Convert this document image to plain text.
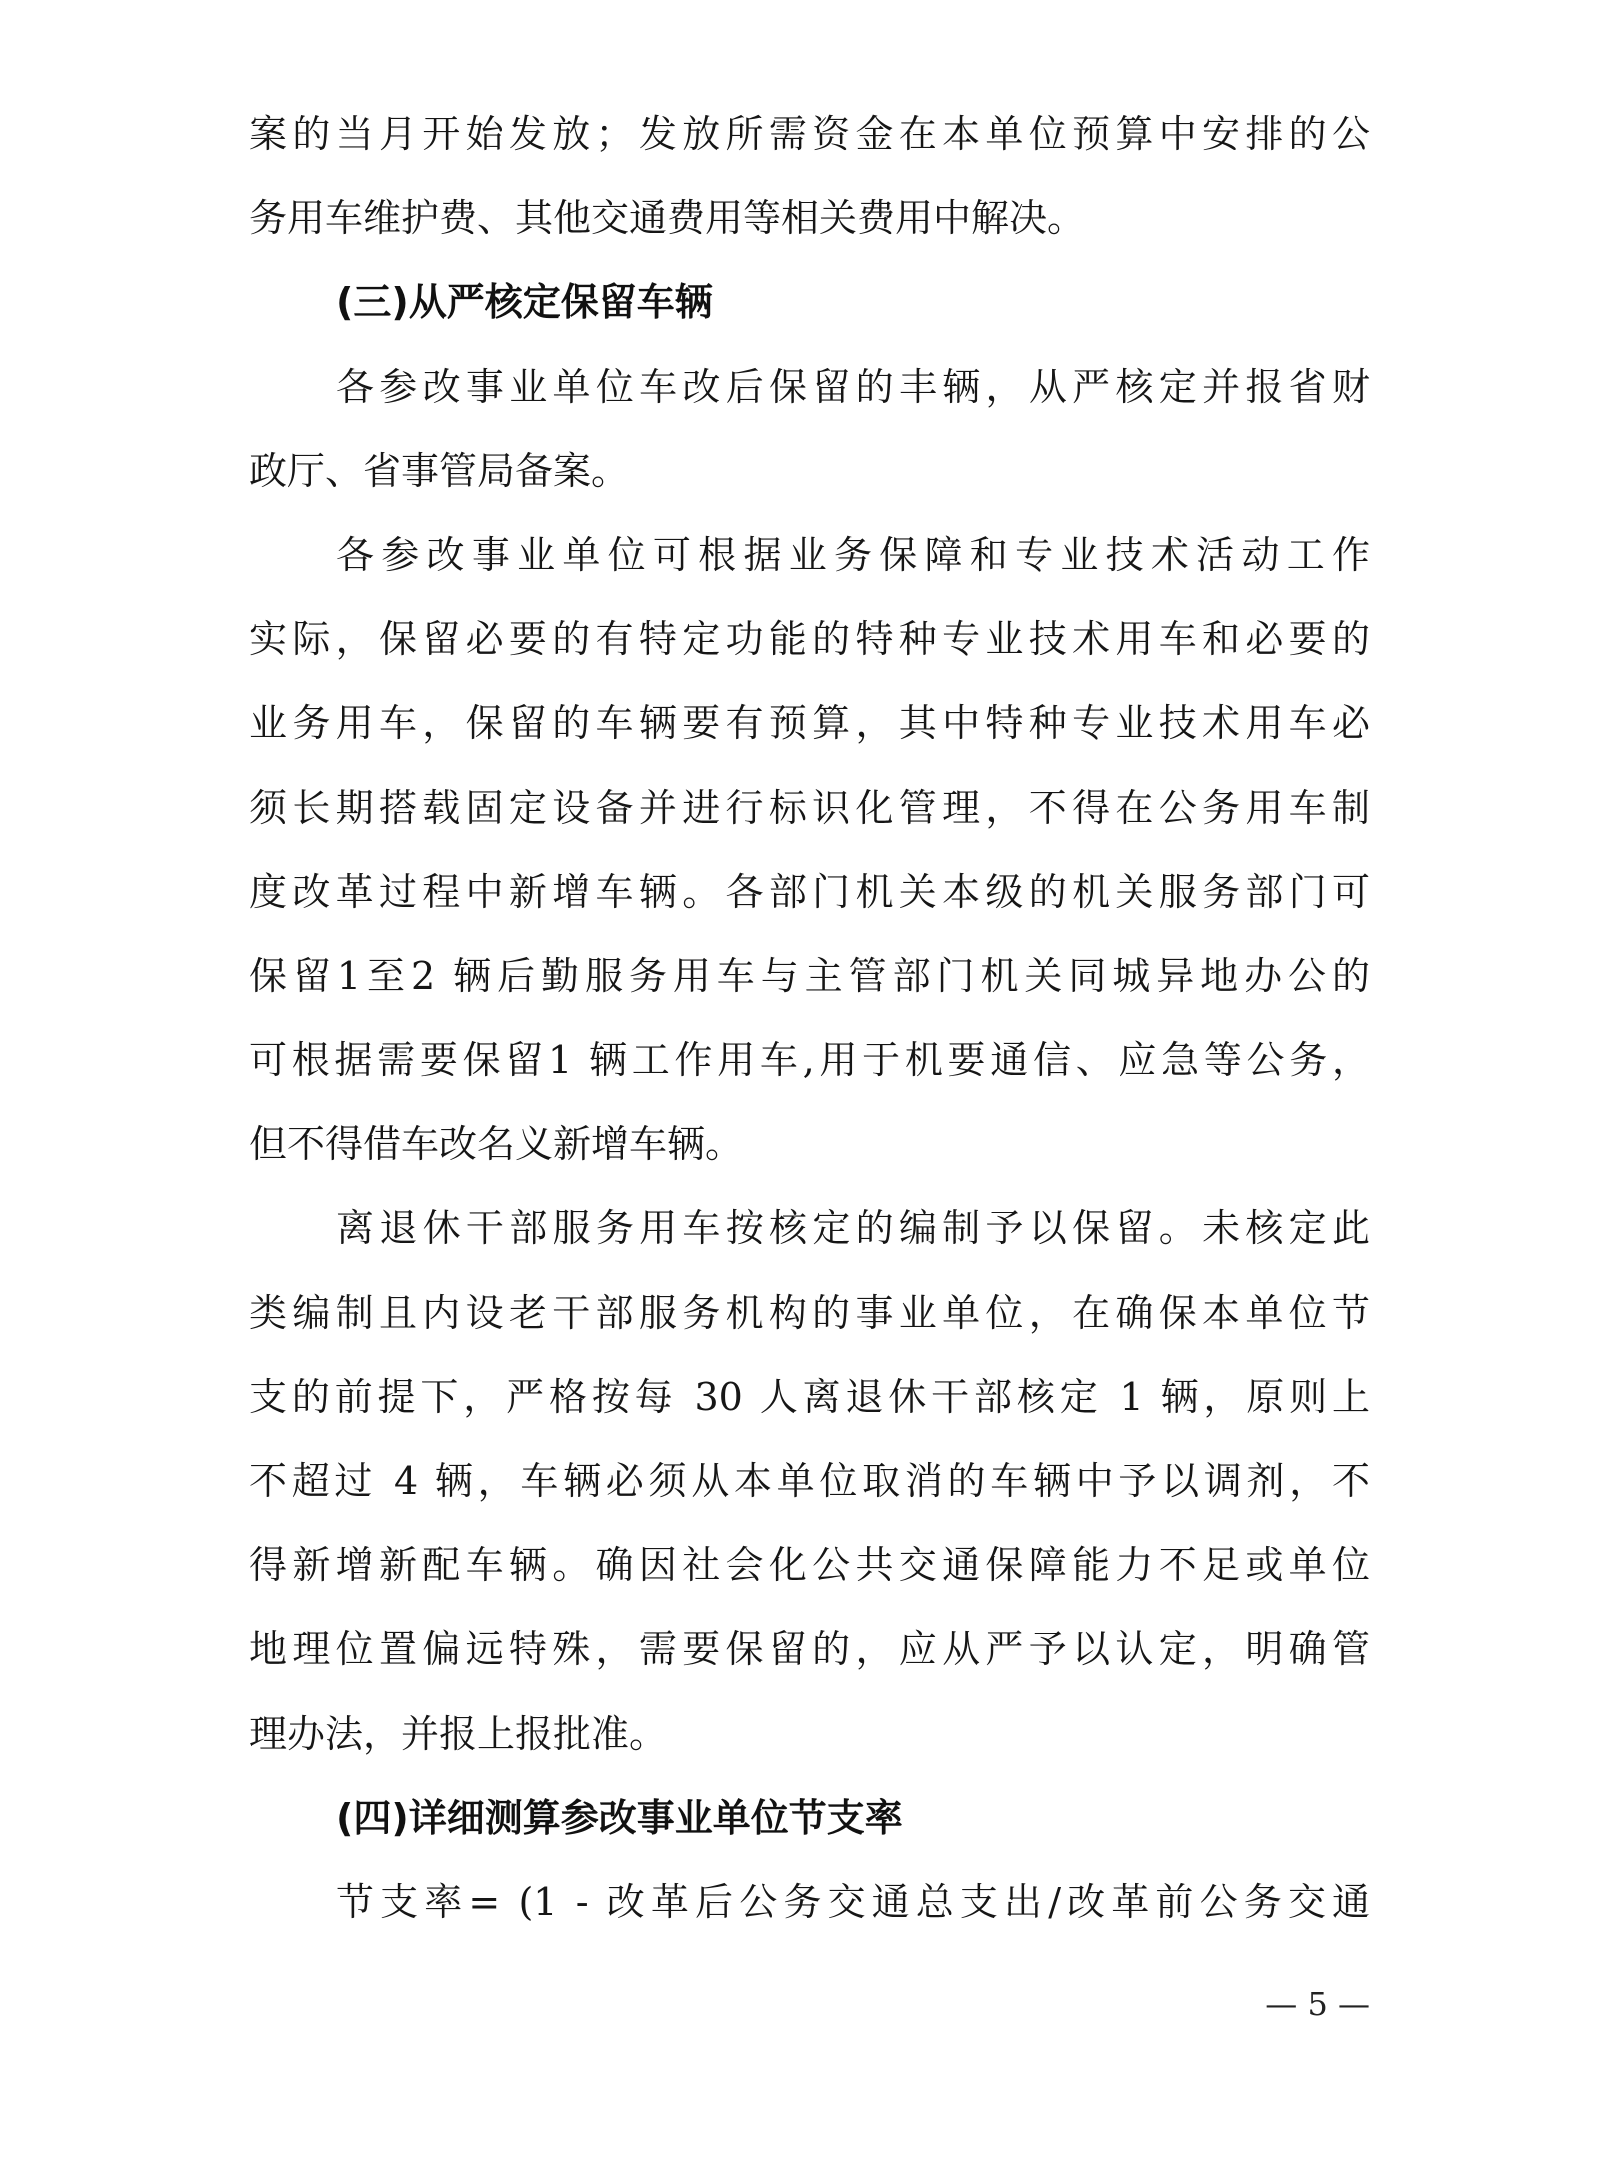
案的当月开始发放；发放所需资金在本单位预算中安排的公
务用车维护费、其他交通费用等相关费用中解决。
(三)从严核定保留车辆
各参改事业单位车改后保留的丰辆，从严核定并报省财
政厅、省事管局备案。
各参改事业单位可根据业务保障和专业技术活动工作
实际，保留必要的有特定功能的特种专业技术用车和必要的
业务用车，保留的车辆要有预算，其中特种专业技术用车必
须长期搭载固定设备并进行标识化管理，不得在公务用车制
度改革过程中新增车辆。各部门机关本级的机关服务部门可
保留1至2 辆后勤服务用车与主管部门机关同城异地办公的
可根据需要保留1 辆工作用车,用于机要通信、应急等公务，
但不得借车改名义新增车辆。
离退休干部服务用车按核定的编制予以保留。未核定此
类编制且内设老干部服务机构的事业单位，在确保本单位节
支的前提下，严格按每 30 人离退休干部核定 1 辆，原则上
不超过 4 辆，车辆必须从本单位取消的车辆中予以调剂，不
得新增新配车辆。确因社会化公共交通保障能力不足或单位
地理位置偏远特殊，需要保留的，应从严予以认定，明确管
理办法，并报上报批准。
(四)详细测算参改事业单位节支率
节支率= (1 - 改革后公务交通总支出/改革前公务交通
— 5 —
